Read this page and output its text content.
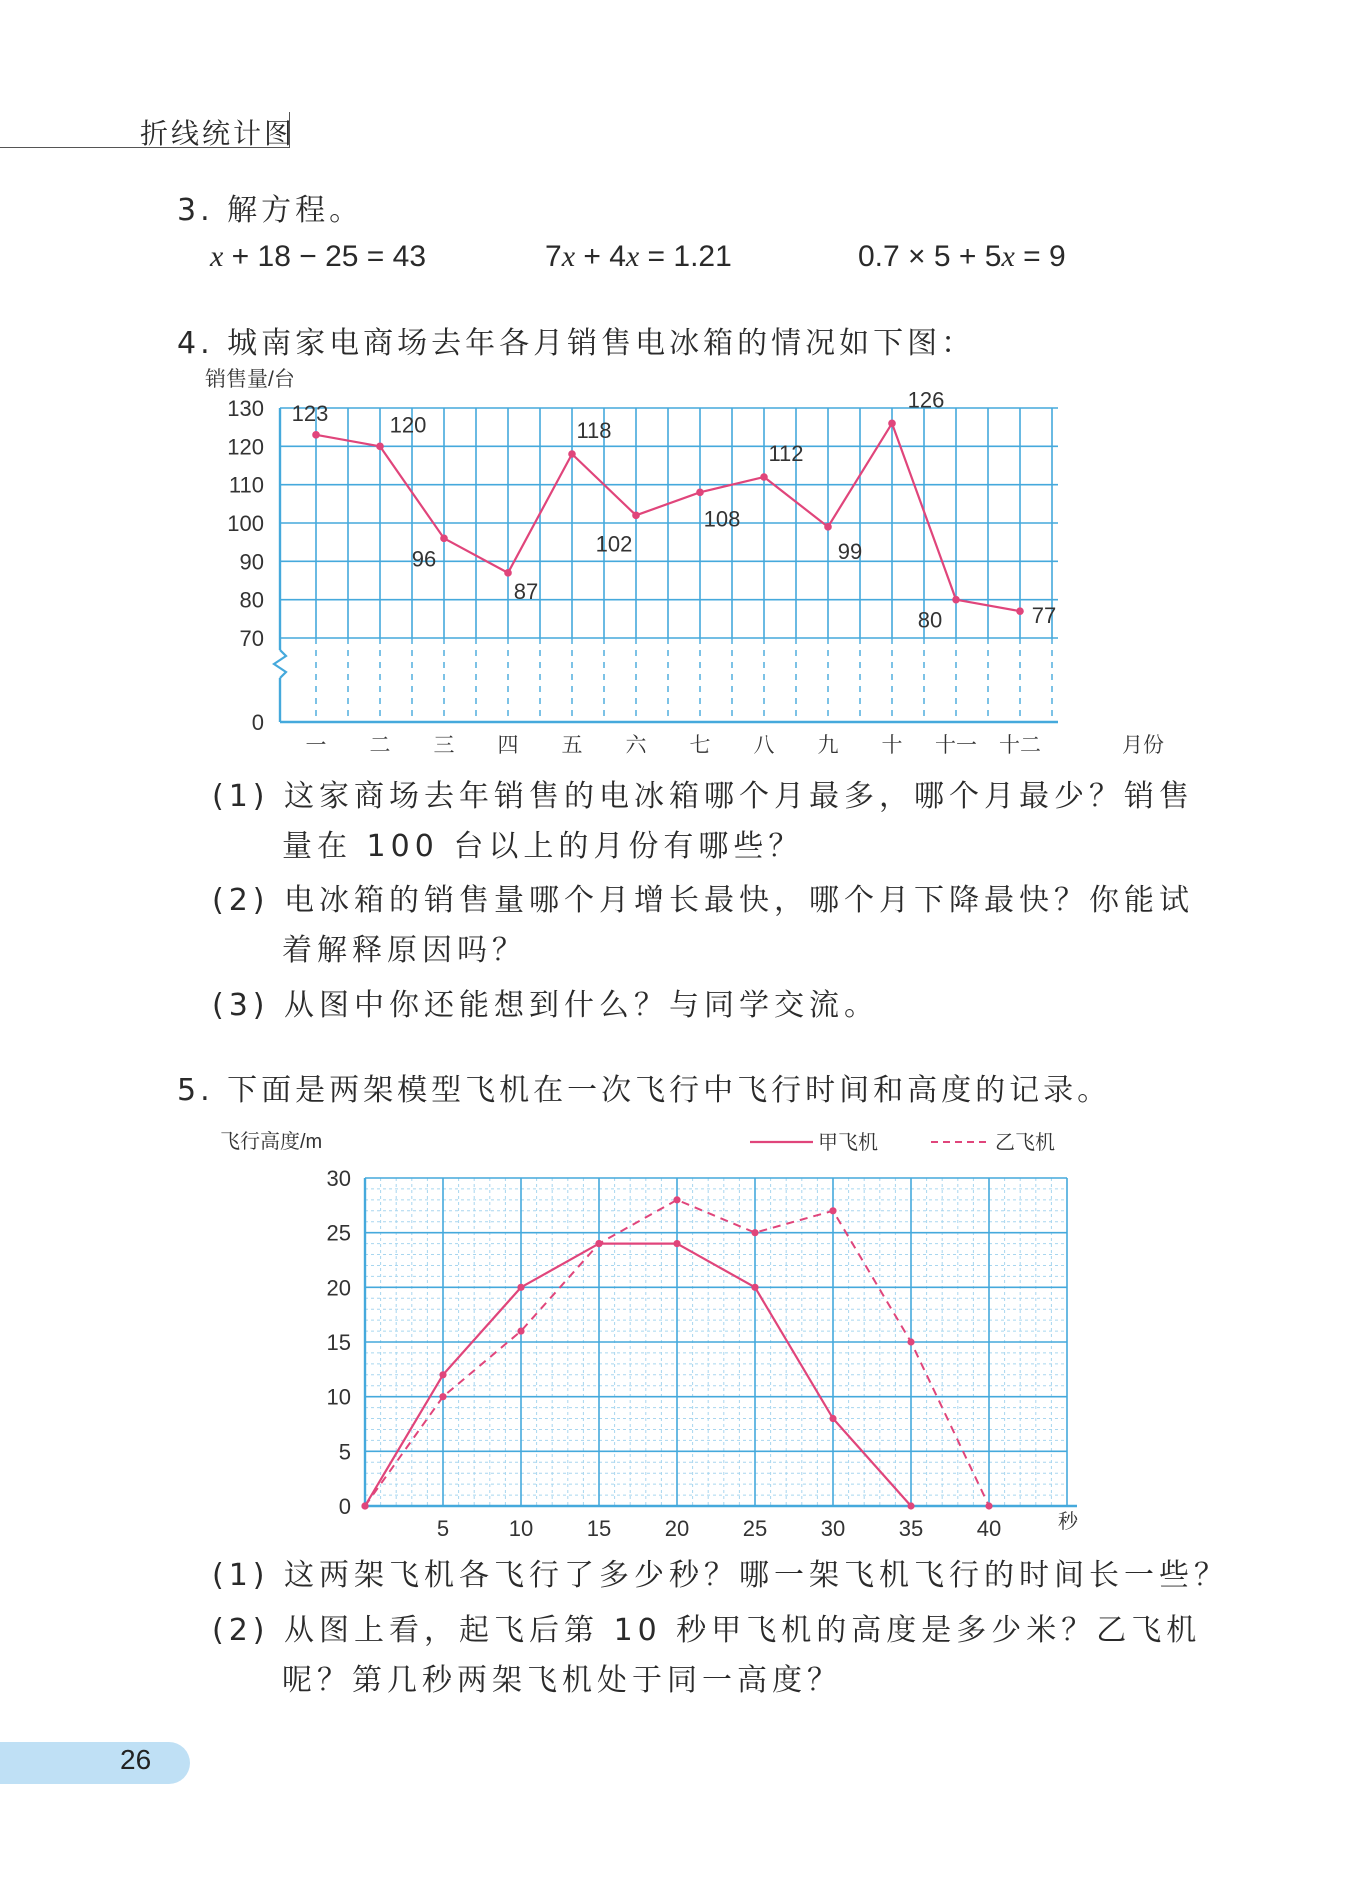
折线统计图
3. 解方程。
x + 18 − 25 = 43	7x + 4x = 1.21	0.7 × 5 + 5x = 9
4. 城南家电商场去年各月销售电冰箱的情况如下图：
0
70
80
90
100
110
120
130
一 二 三 四 五 六 七 八 九 十 十一 十二
123	120
96
87
118
102
108
112
99
126
80	77
销售量/台
月份
(1) 这家商场去年销售的电冰箱哪个月最多，哪个月最少？销售
量在 100 台以上的月份有哪些？
(2) 电冰箱的销售量哪个月增长最快，哪个月下降最快？你能试
着解释原因吗？
(3) 从图中你还能想到什么？与同学交流。
5. 下面是两架模型飞机在一次飞行中飞行时间和高度的记录。
0
5
10
15
20
25
30
5	10 15 20 25 30 35 40
飞行高度/m
秒
甲飞机	乙飞机
(1) 这两架飞机各飞行了多少秒？哪一架飞机飞行的时间长一些？
(2) 从图上看，起飞后第 10 秒甲飞机的高度是多少米？乙飞机
呢？第几秒两架飞机处于同一高度？
26
